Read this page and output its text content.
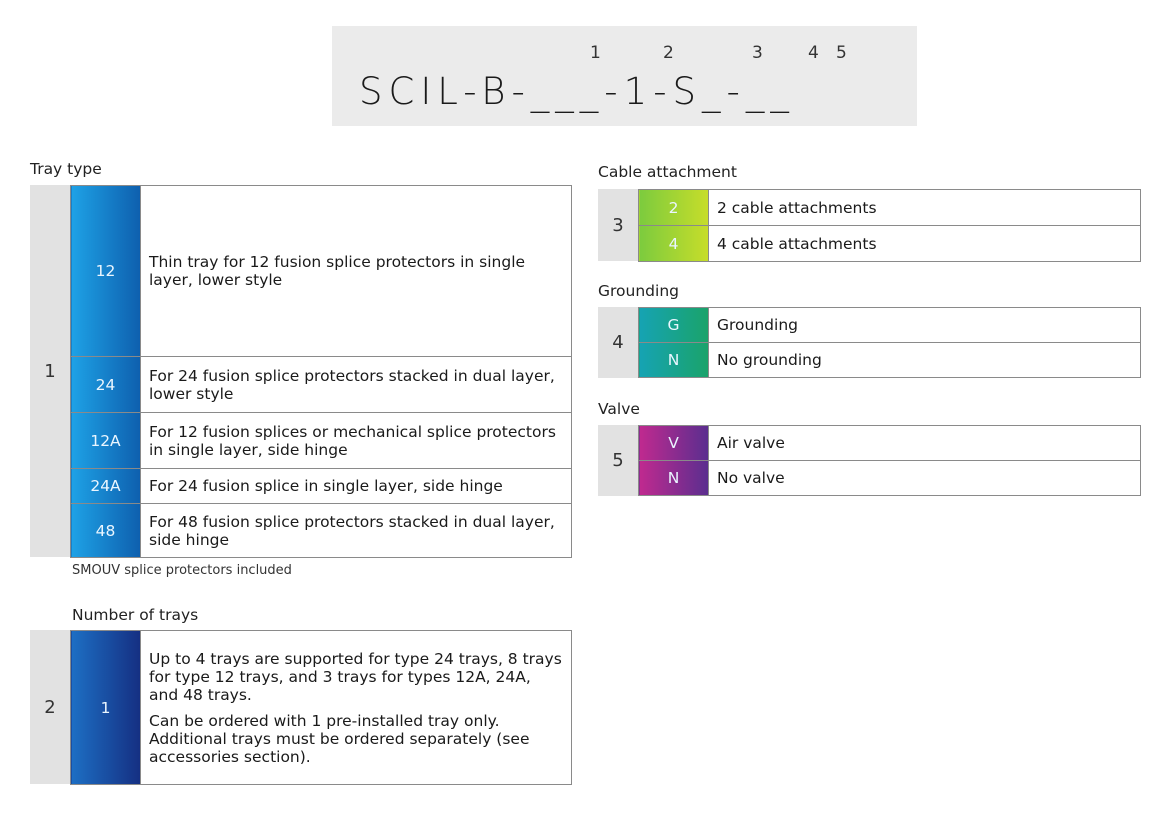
1	2	3	4 5
SCIL-B-___-1-S_-__
Tray type
1
12	Thin tray for 12 fusion splice protectors in single layer, lower style
24	For 24 fusion splice protectors stacked in dual layer, lower style
12A	For 12 fusion splices or mechanical splice protectors in single layer, side hinge
24A	For 24 fusion splice in single layer, side hinge
48	For 48 fusion splice protectors stacked in dual layer, side hinge
SMOUV splice protectors included
Number of trays
2	1	

Up to 4 trays are supported for type 24 trays, 8 trays for type 12 trays, and 3 trays for types 12A, 24A, and 48 trays.

Can be ordered with 1 pre-installed tray only. Additional trays must be ordered separately (see accessories section).

Cable attachment
3
2	2 cable attachments
4	4 cable attachments
Grounding
4
G	Grounding
N	No grounding
Valve
5
V	Air valve
N	No valve
